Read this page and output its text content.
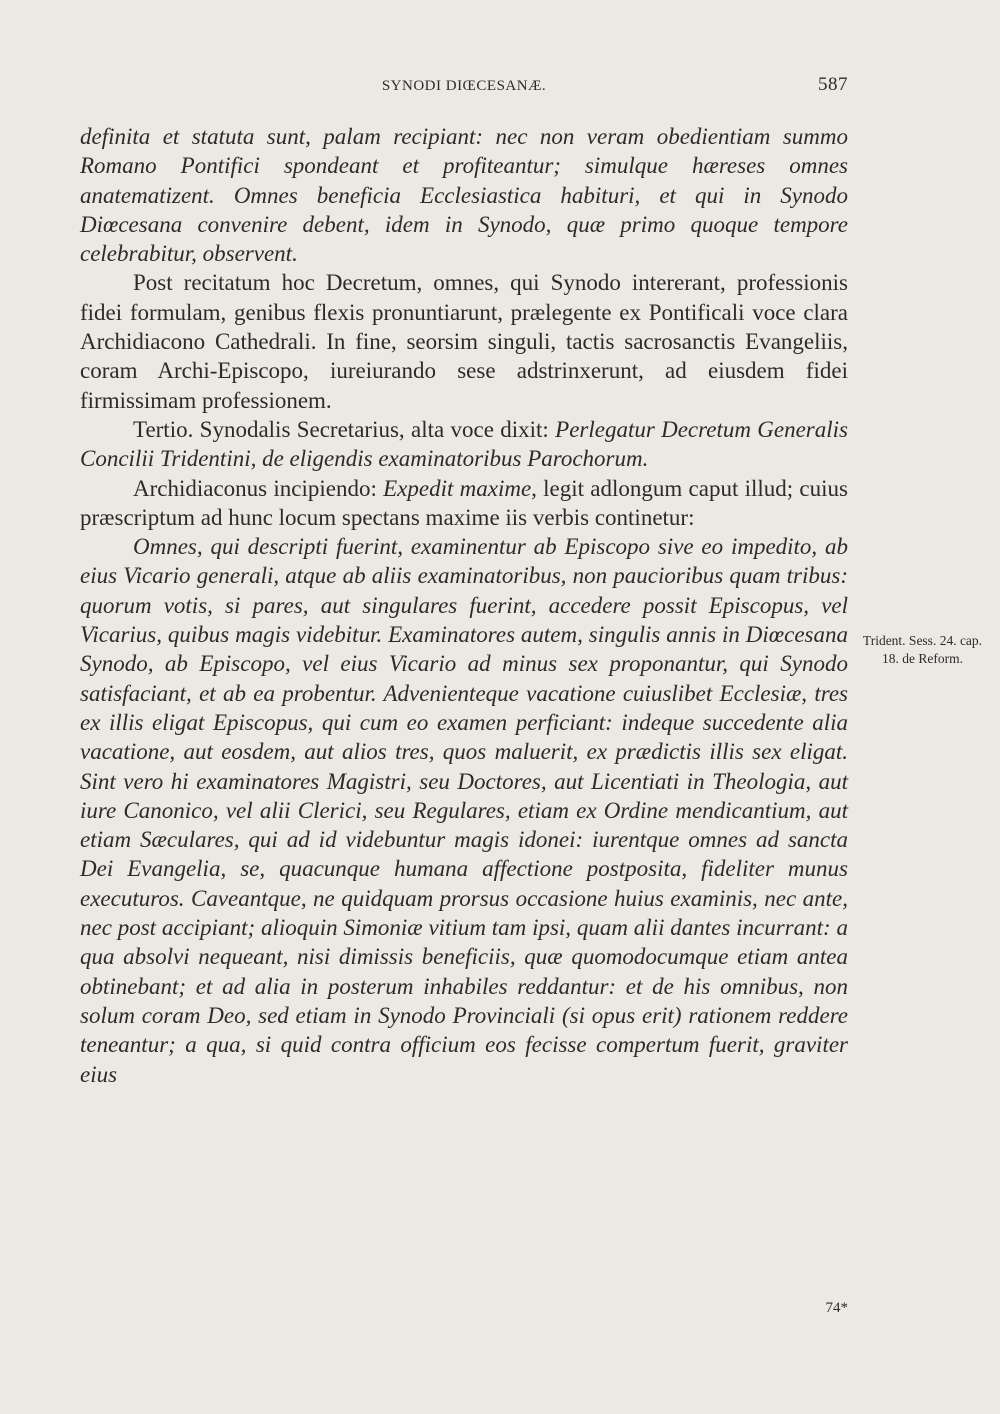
SYNODI DIŒCESANÆ.	587

definita et statuta sunt, palam recipiant: nec non veram obedientiam summo Romano Pontifici spondeant et profiteantur; simulque hæreses omnes anatematizent. Omnes beneficia Ecclesiastica habituri, et qui in Synodo Diœcesana convenire debent, idem in Synodo, quæ primo quoque tempore celebrabitur, observent.

Post recitatum hoc Decretum, omnes, qui Synodo intererant, professionis fidei formulam, genibus flexis pronuntiarunt, prælegente ex Pontificali voce clara Archidiacono Cathedrali. In fine, seorsim singuli, tactis sacrosanctis Evangeliis, coram Archi-Episcopo, iureiurando sese adstrinxerunt, ad eiusdem fidei firmissimam professionem.

Tertio. Synodalis Secretarius, alta voce dixit: Perlegatur Decretum Generalis Concilii Tridentini, de eligendis examinatoribus Parochorum.

Archidiaconus incipiendo: Expedit maxime, legit adlongum caput illud; cuius præscriptum ad hunc locum spectans maxime iis verbis continetur:

Omnes, qui descripti fuerint, examinentur ab Episcopo sive eo impedito, ab eius Vicario generali, atque ab aliis examinatoribus, non paucioribus quam tribus: quorum votis, si pares, aut singulares fuerint, accedere possit Episcopus, vel Vicarius, quibus magis videbitur. Examinatores autem, singulis annis in Diœcesana Synodo, ab Episcopo, vel eius Vicario ad minus sex proponantur, qui Synodo satisfaciant, et ab ea probentur. Advenienteque vacatione cuiuslibet Ecclesiæ, tres ex illis eligat Episcopus, qui cum eo examen perficiant: indeque succedente alia vacatione, aut eosdem, aut alios tres, quos maluerit, ex prædictis illis sex eligat. Sint vero hi examinatores Magistri, seu Doctores, aut Licentiati in Theologia, aut iure Canonico, vel alii Clerici, seu Regulares, etiam ex Ordine mendicantium, aut etiam Sæculares, qui ad id videbuntur magis idonei: iurentque omnes ad sancta Dei Evangelia, se, quacunque humana affectione postposita, fideliter munus executuros. Caveantque, ne quidquam prorsus occasione huius examinis, nec ante, nec post accipiant; alioquin Simoniæ vitium tam ipsi, quam alii dantes incurrant: a qua absolvi nequeant, nisi dimissis beneficiis, quæ quomodocumque etiam antea obtinebant; et ad alia in posterum inhabiles reddantur: et de his omnibus, non solum coram Deo, sed etiam in Synodo Provinciali (si opus erit) rationem reddere teneantur; a qua, si quid contra officium eos fecisse compertum fuerit, graviter eius

Trident. Sess. 24. cap. 18. de Reform.
74*
